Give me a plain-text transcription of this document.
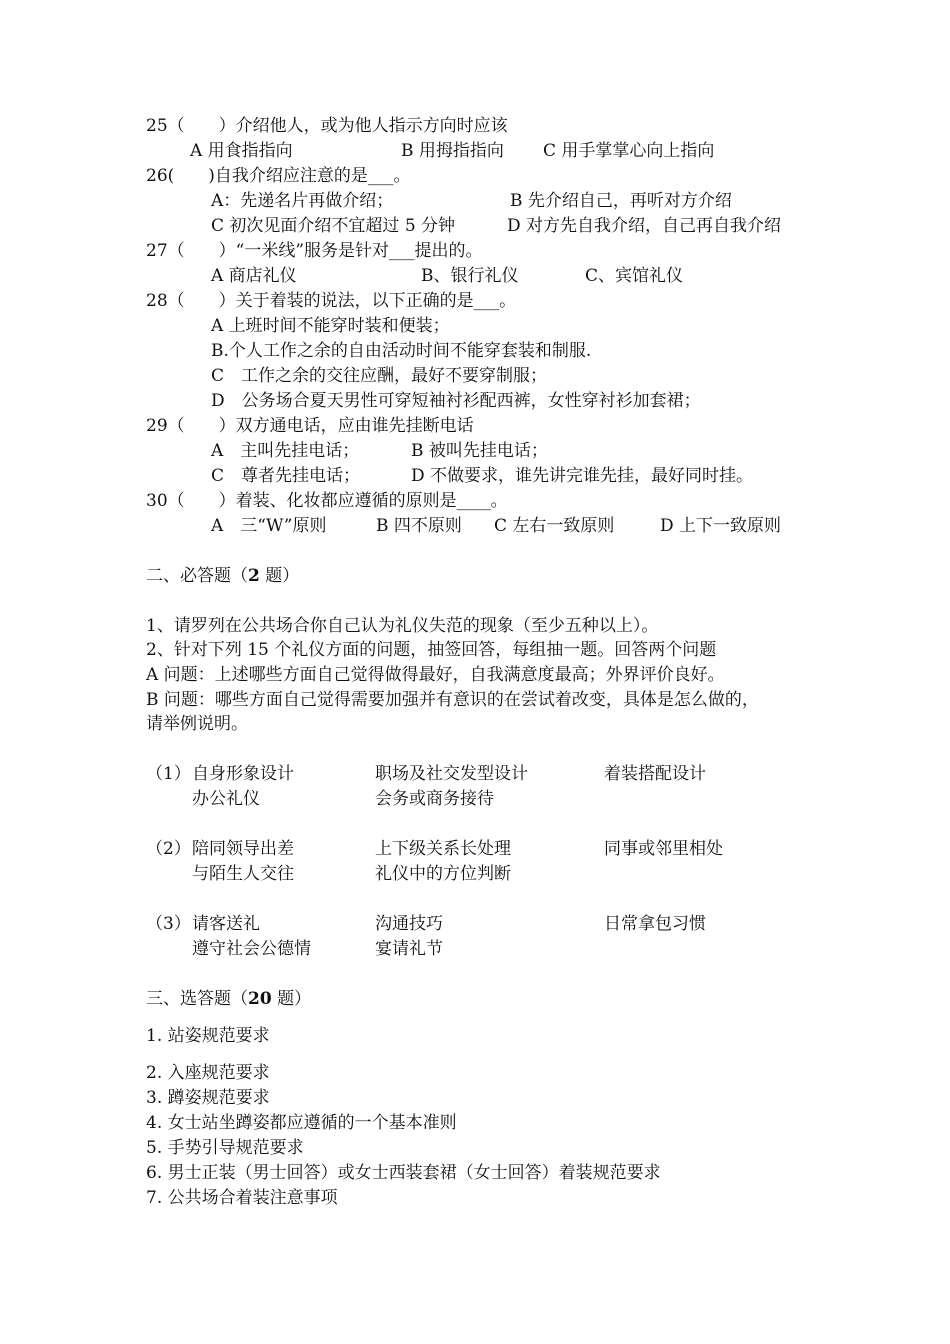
25（　　）介绍他人，或为他人指示方向时应该
A 用食指指向	B 用拇指指向 C 用手掌掌心向上指向
26(　　)自我介绍应注意的是___。
A：先递名片再做介绍；	B 先介绍自己，再听对方介绍
C 初次见面介绍不宜超过 5 分钟	D 对方先自我介绍，自己再自我介绍
27（　　）“一米线”服务是针对___提出的。
A 商店礼仪	B、银行礼仪	C、宾馆礼仪
28（　　）关于着装的说法，以下正确的是___。
A 上班时间不能穿时装和便装；
B.个人工作之余的自由活动时间不能穿套装和制服.
C　工作之余的交往应酬，最好不要穿制服；
D　公务场合夏天男性可穿短袖衬衫配西裤，女性穿衬衫加套裙；
29（　　）双方通电话，应由谁先挂断电话
A　主叫先挂电话；	B 被叫先挂电话；
C　尊者先挂电话；	D 不做要求，谁先讲完谁先挂，最好同时挂。
30（　　）着装、化妆都应遵循的原则是____。
A　三“W”原则	B 四不原则 C 左右一致原则	D 上下一致原则
二、必答题（2 题）
1、请罗列在公共场合你自己认为礼仪失范的现象（至少五种以上）。
2、针对下列 15 个礼仪方面的问题，抽签回答，每组抽一题。回答两个问题
A 问题：上述哪些方面自己觉得做得最好，自我满意度最高；外界评价良好。
B 问题：哪些方面自己觉得需要加强并有意识的在尝试着改变，具体是怎么做的，
请举例说明。
（1） 自身形象设计	职场及社交发型设计	着装搭配设计
办公礼仪	会务或商务接待
（2） 陪同领导出差	上下级关系长处理	同事或邻里相处
与陌生人交往	礼仪中的方位判断
（3） 请客送礼	沟通技巧	日常拿包习惯
遵守社会公德情	宴请礼节
三、选答题（20 题）
1. 站姿规范要求
2. 入座规范要求
3. 蹲姿规范要求
4. 女士站坐蹲姿都应遵循的一个基本准则
5. 手势引导规范要求
6. 男士正装（男士回答）或女士西装套裙（女士回答）着装规范要求
7. 公共场合着装注意事项
